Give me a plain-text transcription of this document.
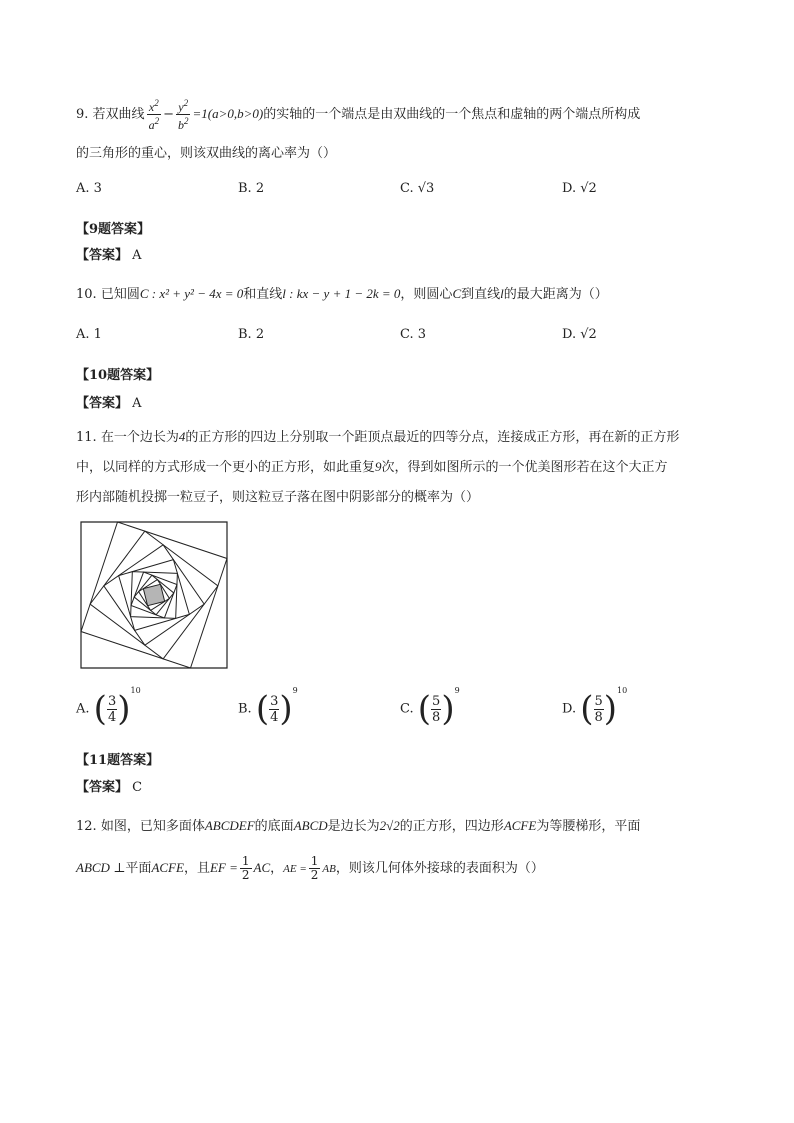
9. 若双曲线 $\frac{x^2}{a^2} - \frac{y^2}{b^2} =1(a>0,b>0)$的实轴的一个端点是由双曲线的一个焦点和虚轴的两个端点所构成
的三角形的重心，则该双曲线的离心率为（）
A. 3	B. 2	C. √3	D. √2
【9题答案】
【答案】 A
10. 已知圆C : x² + y² − 4x = 0和直线l : kx − y + 1 − 2k = 0，则圆心C到直线l的最大距离为（）
A. 1	B. 2	C. 3	D. √2
【10题答案】
【答案】 A
11. 在一个边长为4的正方形的四边上分别取一个距顶点最近的四等分点，连接成正方形，再在新的正方形
中，以同样的方式形成一个更小的正方形，如此重复9次，得到如图所示的一个优美图形若在这个大正方
形内部随机投掷一粒豆子，则这粒豆子落在图中阴影部分的概率为（）
A. ( $\frac{3}{4} )^{10}$
B. ( $\frac{3}{4} )^9$
C. ( $\frac{5}{8} )^9$
D. ( $\frac{5}{8} )^{10}$
【11题答案】
【答案】 C
12. 如图，已知多面体ABCDEF的底面ABCD是边长为2√2的正方形，四边形ACFE为等腰梯形，平面
ABCD ⊥平面ACFE，且EF = $\frac{1}{2}$ AC，AE = $\frac{1}{2}$ AB，则该几何体外接球的表面积为（）
